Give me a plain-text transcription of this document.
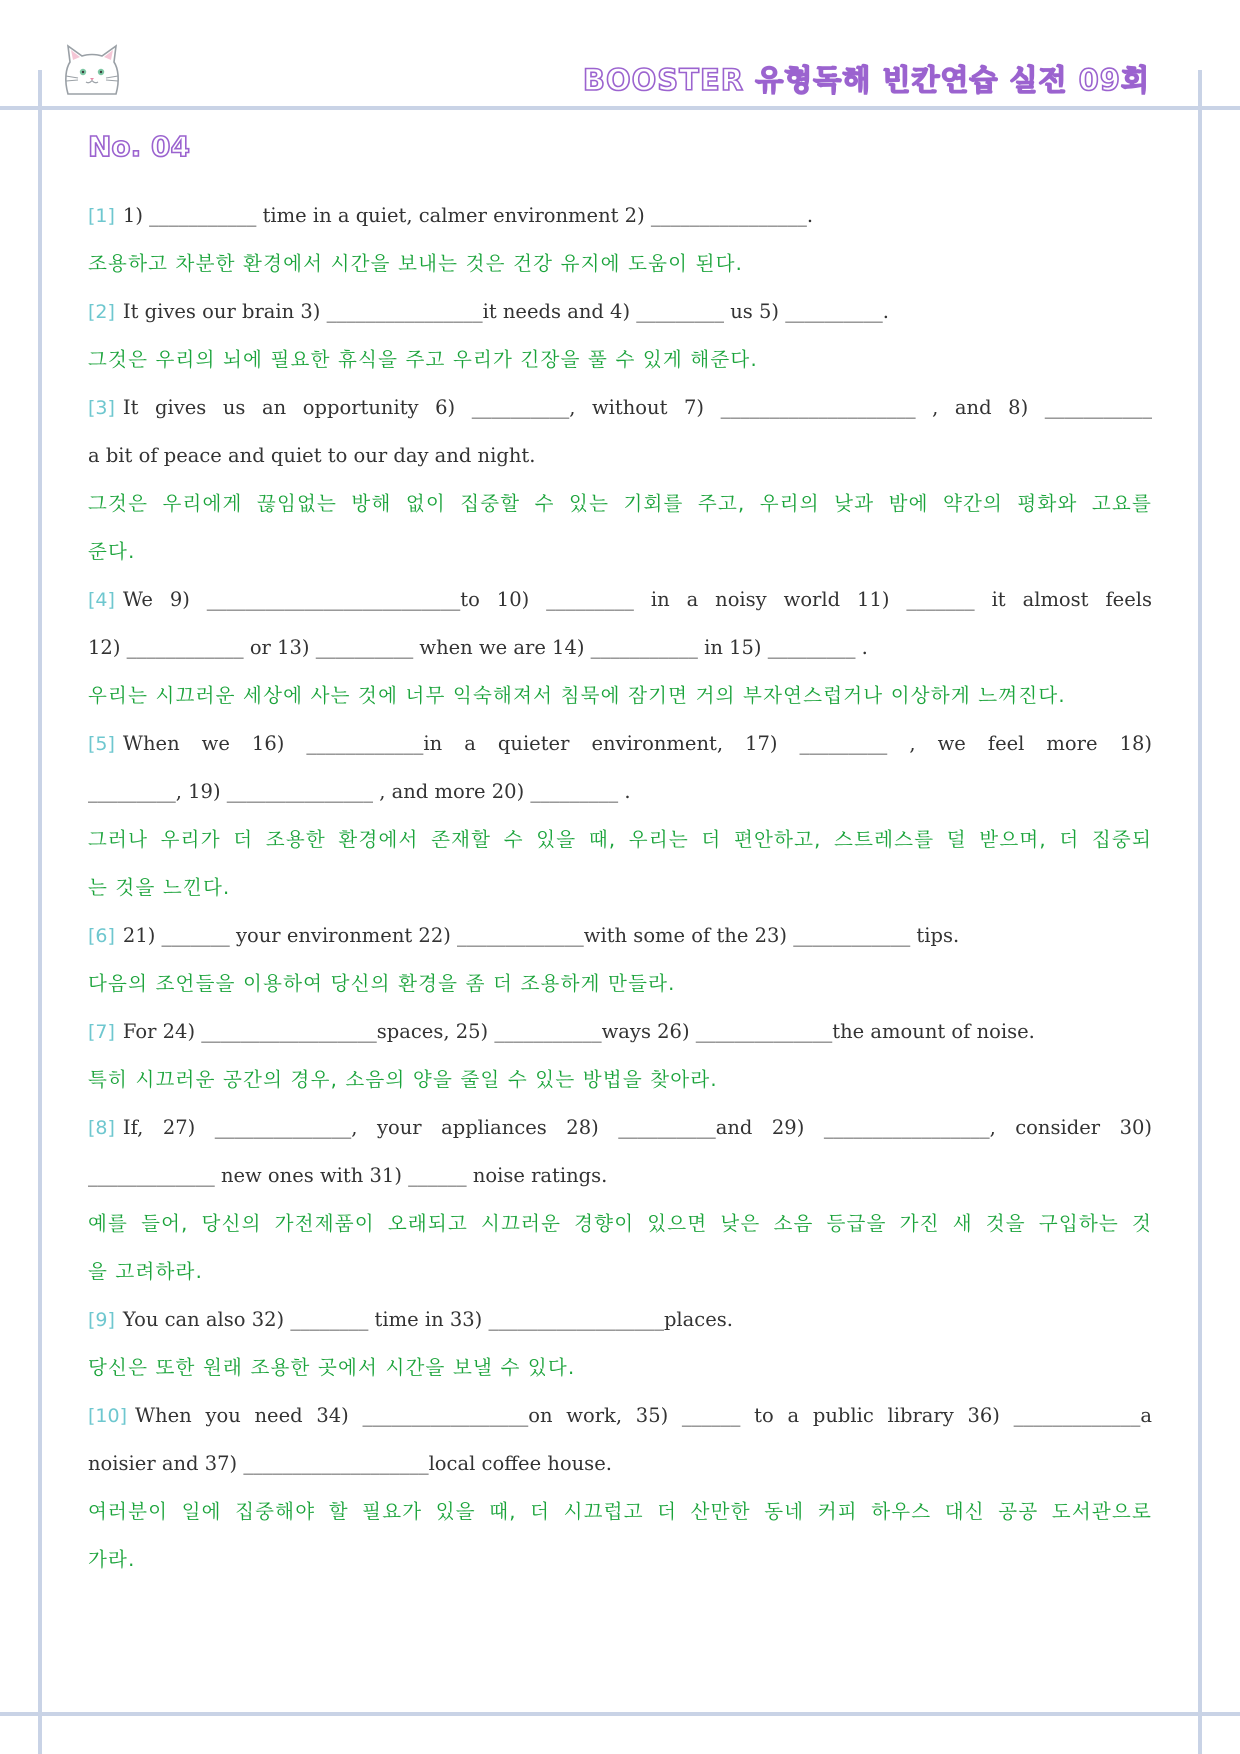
BOOSTER 유형독해 빈칸연습 실전 09회
No. 04
[1] 1) ___________ time in a quiet, calmer environment 2) ________________.
조용하고 차분한 환경에서 시간을 보내는 것은 건강 유지에 도움이 된다.
[2] It gives our brain 3) ________________it needs and 4) _________ us 5) __________.
그것은 우리의 뇌에 필요한 휴식을 주고 우리가 긴장을 풀 수 있게 해준다.
[3] It gives us an opportunity 6) __________, without 7) ____________________ , and 8) ___________
a bit of peace and quiet to our day and night.
그것은 우리에게 끊임없는 방해 없이 집중할 수 있는 기회를 주고, 우리의 낮과 밤에 약간의 평화와 고요를
준다.
[4] We 9) __________________________to 10) _________ in a noisy world 11) _______ it almost feels
12) ____________ or 13) __________ when we are 14) ___________ in 15) _________ .
우리는 시끄러운 세상에 사는 것에 너무 익숙해져서 침묵에 잠기면 거의 부자연스럽거나 이상하게 느껴진다.
[5] When we 16) ____________in a quieter environment, 17) _________ , we feel more 18)
_________, 19) _______________ , and more 20) _________ .
그러나 우리가 더 조용한 환경에서 존재할 수 있을 때, 우리는 더 편안하고, 스트레스를 덜 받으며, 더 집중되
는 것을 느낀다.
[6] 21) _______ your environment 22) _____________with some of the 23) ____________ tips.
다음의 조언들을 이용하여 당신의 환경을 좀 더 조용하게 만들라.
[7] For 24) __________________spaces, 25) ___________ways 26) ______________the amount of noise.
특히 시끄러운 공간의 경우, 소음의 양을 줄일 수 있는 방법을 찾아라.
[8] If, 27) ______________, your appliances 28) __________and 29) _________________, consider 30)
_____________ new ones with 31) ______ noise ratings.
예를 들어, 당신의 가전제품이 오래되고 시끄러운 경향이 있으면 낮은 소음 등급을 가진 새 것을 구입하는 것
을 고려하라.
[9] You can also 32) ________ time in 33) __________________places.
당신은 또한 원래 조용한 곳에서 시간을 보낼 수 있다.
[10] When you need 34) _________________on work, 35) ______ to a public library 36) _____________a
noisier and 37) ___________________local coffee house.
여러분이 일에 집중해야 할 필요가 있을 때, 더 시끄럽고 더 산만한 동네 커피 하우스 대신 공공 도서관으로
가라.
